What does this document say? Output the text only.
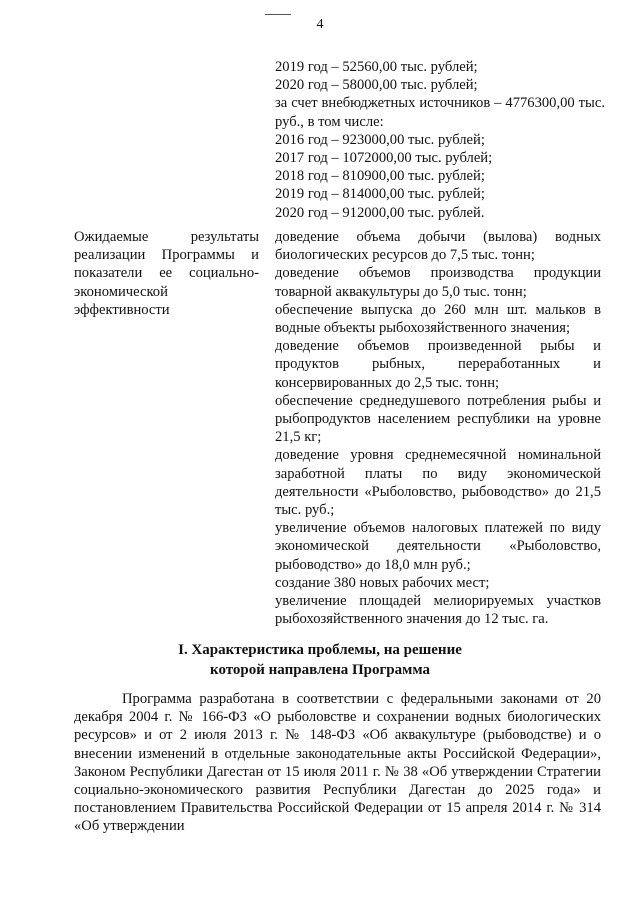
4
2019 год – 52560,00 тыс. рублей;
2020 год – 58000,00 тыс. рублей;
за счет внебюджетных источников – 4776300,00 тыс. руб., в том числе:
2016 год – 923000,00 тыс. рублей;
2017 год – 1072000,00 тыс. рублей;
2018 год – 810900,00 тыс. рублей;
2019 год – 814000,00 тыс. рублей;
2020 год – 912000,00 тыс. рублей.
Ожидаемые результаты реализации Программы и показатели ее социально-экономической эффективности

доведение объема добычи (вылова) водных биологических ресурсов до 7,5 тыс. тонн;

доведение объемов производства продукции товарной аквакультуры до 5,0 тыс. тонн;

обеспечение выпуска до 260 млн шт. мальков в водные объекты рыбохозяйственного значения;

доведение объемов произведенной рыбы и продуктов рыбных, переработанных и консервированных до 2,5 тыс. тонн;

обеспечение среднедушевого потребления рыбы и рыбопродуктов населением республики на уровне 21,5 кг;

доведение уровня среднемесячной номинальной заработной платы по виду экономической деятельности «Рыболовство, рыбоводство» до 21,5 тыс. руб.;

увеличение объемов налоговых платежей по виду экономической деятельности «Рыболовство, рыбоводство» до 18,0 млн руб.;

создание 380 новых рабочих мест;

увеличение площадей мелиорируемых участков рыбохозяйственного значения до 12 тыс. га.

I. Характеристика проблемы, на решение
которой направлена Программа

Программа разработана в соответствии с федеральными законами от 20 декабря 2004 г. № 166-ФЗ «О рыболовстве и сохранении водных биологических ресурсов» и от 2 июля 2013 г. № 148-ФЗ «Об аквакультуре (рыбоводстве) и о внесении изменений в отдельные законодательные акты Российской Федерации», Законом Республики Дагестан от 15 июля 2011 г. № 38 «Об утверждении Стратегии социально-экономического развития Республики Дагестан до 2025 года» и постановлением Правительства Российской Федерации от 15 апреля 2014 г. № 314 «Об утверждении
